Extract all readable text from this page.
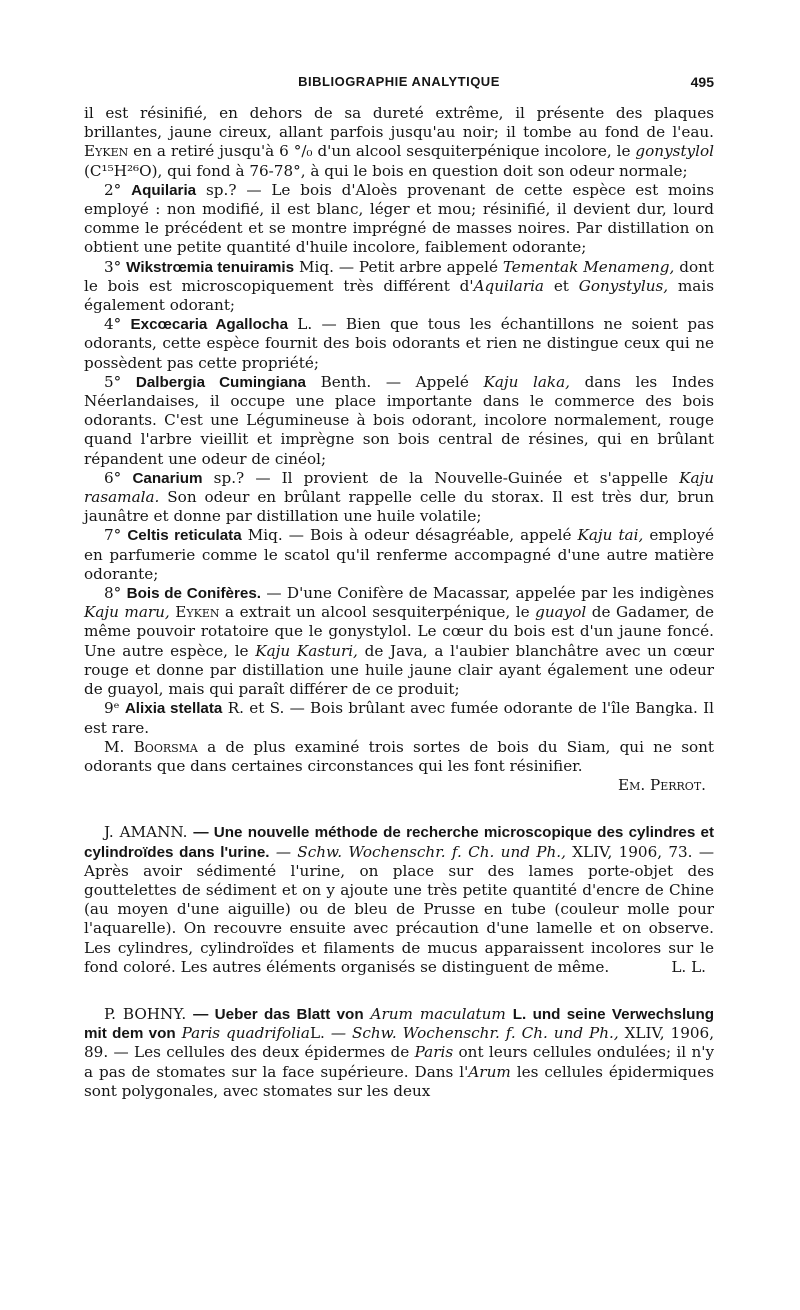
BIBLIOGRAPHIE ANALYTIQUE	495

il est résinifié, en dehors de sa dureté extrême, il présente des plaques brillantes, jaune cireux, allant parfois jusqu'au noir; il tombe au fond de l'eau. Eyken en a retiré jusqu'à 6 °/₀ d'un alcool sesquiterpénique incolore, le gonystylol (C¹⁵H²⁶O), qui fond à 76-78°, à qui le bois en question doit son odeur normale;

2° Aquilaria sp.? — Le bois d'Aloès provenant de cette espèce est moins employé : non modifié, il est blanc, léger et mou; résinifié, il devient dur, lourd comme le précédent et se montre imprégné de masses noires. Par distillation on obtient une petite quantité d'huile incolore, faiblement odorante;

3° Wikstrœmia tenuiramis Miq. — Petit arbre appelé Tementak Menameng, dont le bois est microscopiquement très différent d'Aquilaria et Gonystylus, mais également odorant;

4° Excœcaria Agallocha L. — Bien que tous les échantillons ne soient pas odorants, cette espèce fournit des bois odorants et rien ne distingue ceux qui ne possèdent pas cette propriété;

5° Dalbergia Cumingiana Benth. — Appelé Kaju laka, dans les Indes Néerlandaises, il occupe une place importante dans le commerce des bois odorants. C'est une Légumineuse à bois odorant, incolore normalement, rouge quand l'arbre vieillit et imprègne son bois central de résines, qui en brûlant répandent une odeur de cinéol;

6° Canarium sp.? — Il provient de la Nouvelle-Guinée et s'appelle Kaju rasamala. Son odeur en brûlant rappelle celle du storax. Il est très dur, brun jaunâtre et donne par distillation une huile volatile;

7° Celtis reticulata Miq. — Bois à odeur désagréable, appelé Kaju tai, employé en parfumerie comme le scatol qu'il renferme accompagné d'une autre matière odorante;

8° Bois de Conifères. — D'une Conifère de Macassar, appelée par les indigènes Kaju maru, Eyken a extrait un alcool sesquiterpénique, le guayol de Gadamer, de même pouvoir rotatoire que le gonystylol. Le cœur du bois est d'un jaune foncé. Une autre espèce, le Kaju Kasturi, de Java, a l'aubier blanchâtre avec un cœur rouge et donne par distillation une huile jaune clair ayant également une odeur de guayol, mais qui paraît différer de ce produit;

9ᵉ Alixia stellata R. et S. — Bois brûlant avec fumée odorante de l'île Bangka. Il est rare.

M. Boorsma a de plus examiné trois sortes de bois du Siam, qui ne sont odorants que dans certaines circonstances qui les font résinifier.

Em. Perrot.

J. AMANN. — Une nouvelle méthode de recherche microscopique des cylindres et cylindroïdes dans l'urine. — Schw. Wochenschr. f. Ch. und Ph., XLIV, 1906, 73. — Après avoir sédimenté l'urine, on place sur des lames porte-objet des gouttelettes de sédiment et on y ajoute une très petite quantité d'encre de Chine (au moyen d'une aiguille) ou de bleu de Prusse en tube (couleur molle pour l'aquarelle). On recouvre ensuite avec précaution d'une lamelle et on observe. Les cylindres, cylindroïdes et filaments de mucus apparaissent incolores sur le fond coloré. Les autres éléments organisés se distinguent de même.	L. L.

P. BOHNY. — Ueber das Blatt von Arum maculatum L. und seine Verwechslung mit dem von Paris quadrifoliaL. — Schw. Wochenschr. f. Ch. und Ph., XLIV, 1906, 89. — Les cellules des deux épidermes de Paris ont leurs cellules ondulées; il n'y a pas de stomates sur la face supérieure. Dans l'Arum les cellules épidermiques sont polygonales, avec stomates sur les deux
